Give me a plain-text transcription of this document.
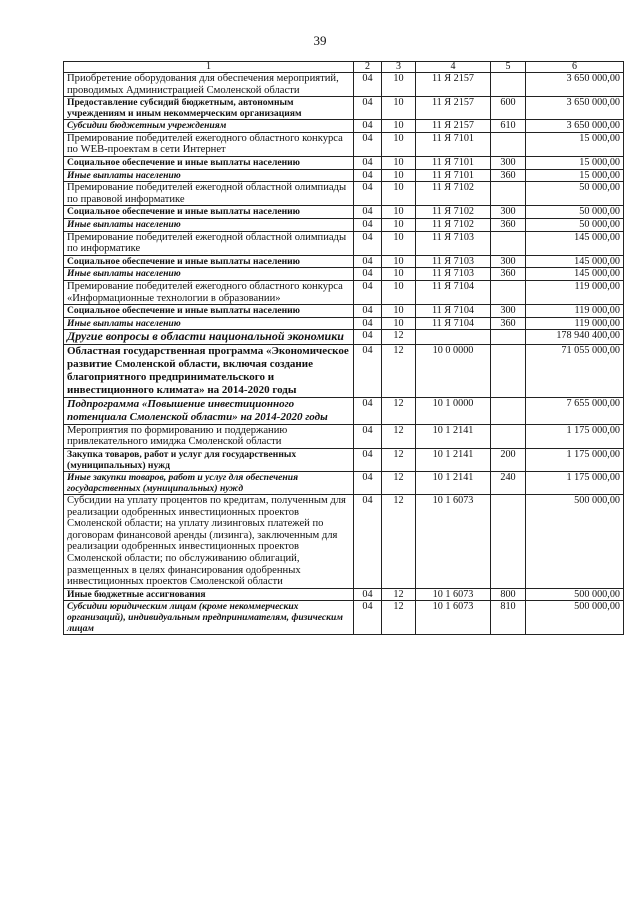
39
1	2	3	4	5	6
Приобретение оборудования для обеспечения мероприятий, проводимых Администрацией Смоленской области	04	10	11 Я 2157		3 650 000,00
Предоставление субсидий бюджетным, автономным учреждениям и иным некоммерческим организациям	04	10	11 Я 2157	600	3 650 000,00
Субсидии бюджетным учреждениям	04	10	11 Я 2157	610	3 650 000,00
Премирование победителей ежегодного областного конкурса по WEB-проектам в сети Интернет	04	10	11 Я 7101		15 000,00
Социальное обеспечение и иные выплаты населению	04	10	11 Я 7101	300	15 000,00
Иные выплаты населению	04	10	11 Я 7101	360	15 000,00
Премирование победителей ежегодной областной олимпиады по правовой информатике	04	10	11 Я 7102		50 000,00
Социальное обеспечение и иные выплаты населению	04	10	11 Я 7102	300	50 000,00
Иные выплаты населению	04	10	11 Я 7102	360	50 000,00
Премирование победителей ежегодной областной олимпиады по информатике	04	10	11 Я 7103		145 000,00
Социальное обеспечение и иные выплаты населению	04	10	11 Я 7103	300	145 000,00
Иные выплаты населению	04	10	11 Я 7103	360	145 000,00
Премирование победителей ежегодного областного конкурса «Информационные технологии в образовании»	04	10	11 Я 7104		119 000,00
Социальное обеспечение и иные выплаты населению	04	10	11 Я 7104	300	119 000,00
Иные выплаты населению	04	10	11 Я 7104	360	119 000,00
Другие вопросы в области национальной экономики	04	12			178 940 400,00
Областная государственная программа «Экономическое развитие Смоленской области, включая создание благоприятного предпринимательского и инвестиционного климата» на 2014-2020 годы	04	12	10 0 0000		71 055 000,00
Подпрограмма «Повышение инвестиционного потенциала Смоленской области» на 2014-2020 годы	04	12	10 1 0000		7 655 000,00
Мероприятия по формированию и поддержанию привлекательного имиджа Смоленской области	04	12	10 1 2141		1 175 000,00
Закупка товаров, работ и услуг для государственных (муниципальных) нужд	04	12	10 1 2141	200	1 175 000,00
Иные закупки товаров, работ и услуг для обеспечения государственных (муниципальных) нужд	04	12	10 1 2141	240	1 175 000,00
Субсидии на уплату процентов по кредитам, полученным для реализации одобренных инвестиционных проектов Смоленской области; на уплату лизинговых платежей по договорам финансовой аренды (лизинга), заключенным для реализации одобренных инвестиционных проектов Смоленской области; по обслуживанию облигаций, размещенных в целях финансирования одобренных инвестиционных проектов Смоленской области	04	12	10 1 6073		500 000,00
Иные бюджетные ассигнования	04	12	10 1 6073	800	500 000,00
Субсидии юридическим лицам (кроме некоммерческих организаций), индивидуальным предпринимателям, физическим лицам	04	12	10 1 6073	810	500 000,00
